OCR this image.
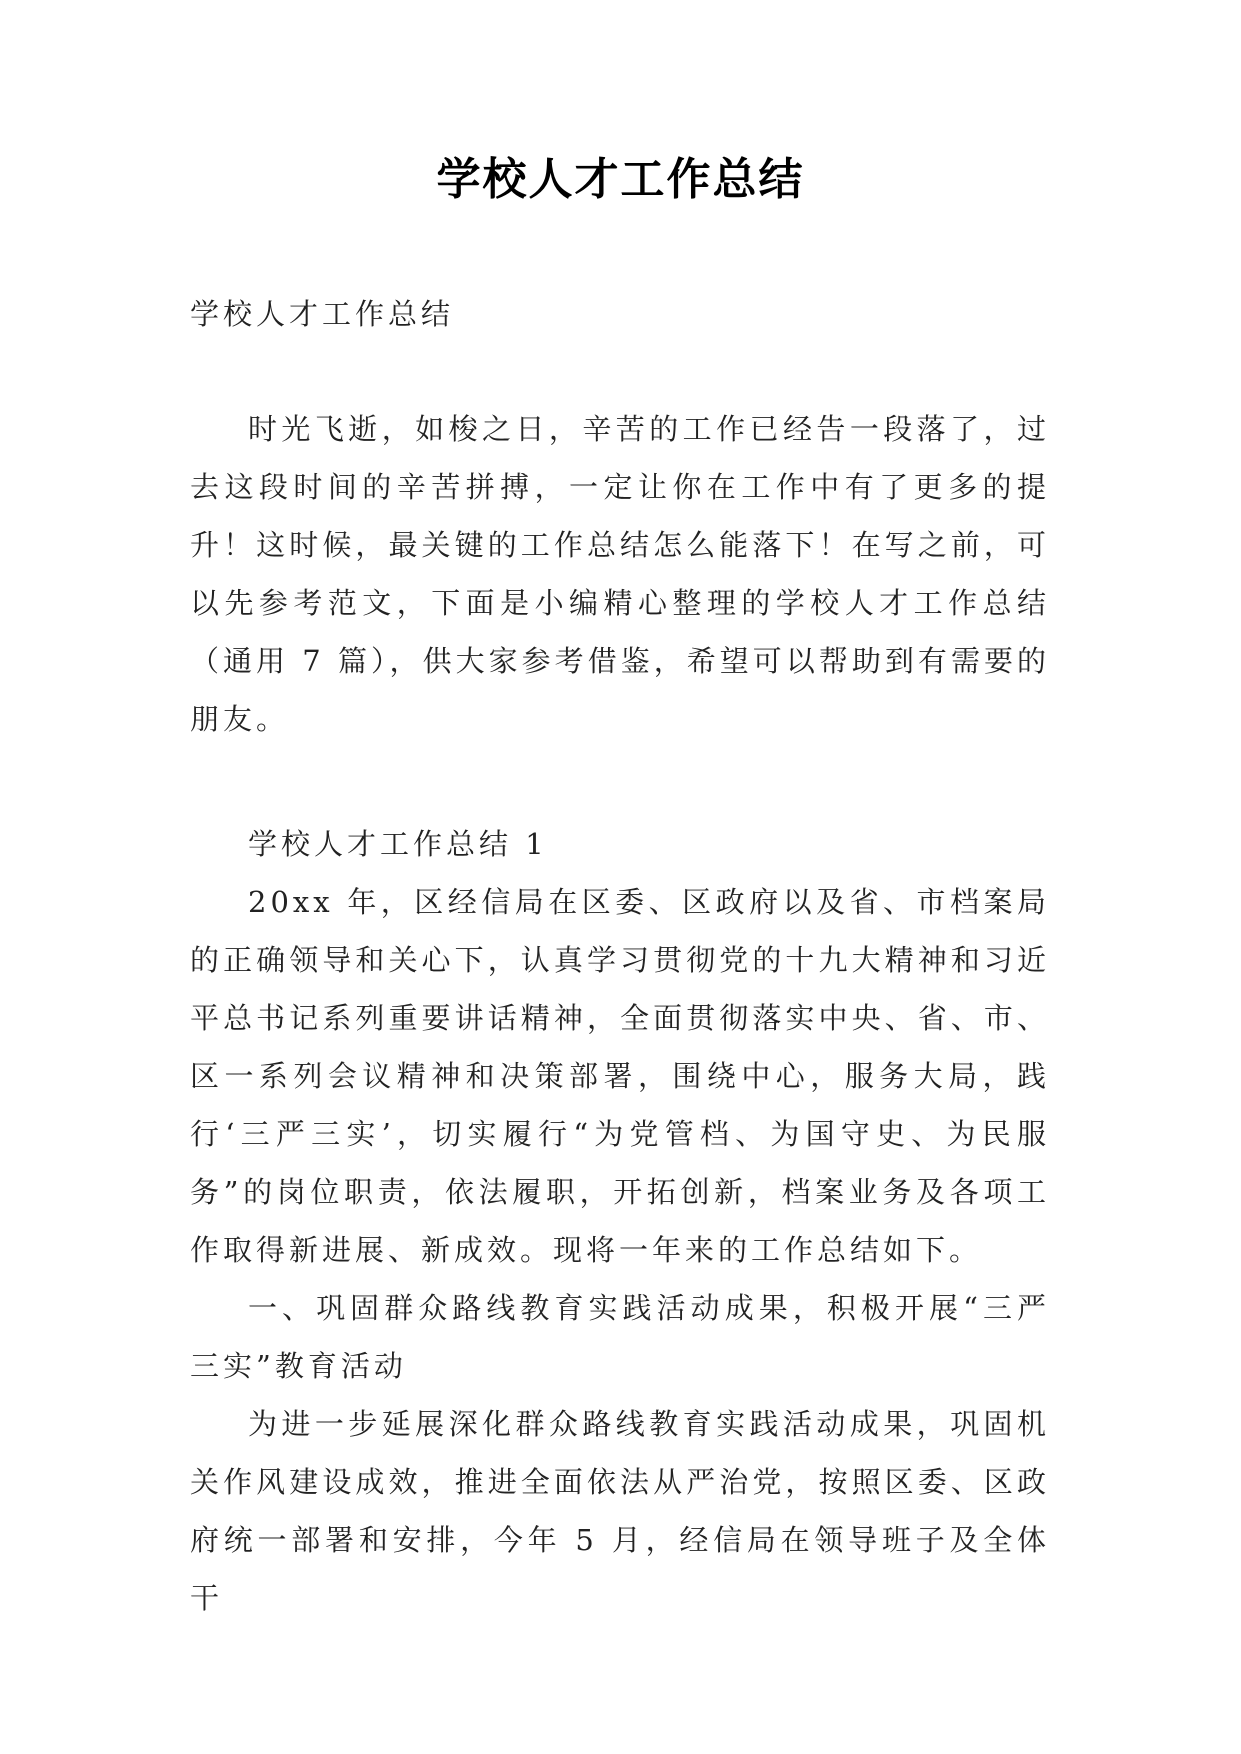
学校人才工作总结
学校人才工作总结

时光飞逝，如梭之日，辛苦的工作已经告一段落了，过去这段时间的辛苦拼搏，一定让你在工作中有了更多的提升！这时候，最关键的工作总结怎么能落下！在写之前，可以先参考范文，下面是小编精心整理的学校人才工作总结（通用 7 篇），供大家参考借鉴，希望可以帮助到有需要的朋友。

学校人才工作总结 1

20xx 年，区经信局在区委、区政府以及省、市档案局的正确领导和关心下，认真学习贯彻党的十九大精神和习近平总书记系列重要讲话精神，全面贯彻落实中央、省、市、区一系列会议精神和决策部署，围绕中心，服务大局，践行‘三严三实’，切实履行“为党管档、为国守史、为民服务”的岗位职责，依法履职，开拓创新，档案业务及各项工作取得新进展、新成效。现将一年来的工作总结如下。

一、巩固群众路线教育实践活动成果，积极开展“三严三实”教育活动

为进一步延展深化群众路线教育实践活动成果，巩固机关作风建设成效，推进全面依法从严治党，按照区委、区政府统一部署和安排，今年 5 月，经信局在领导班子及全体干
